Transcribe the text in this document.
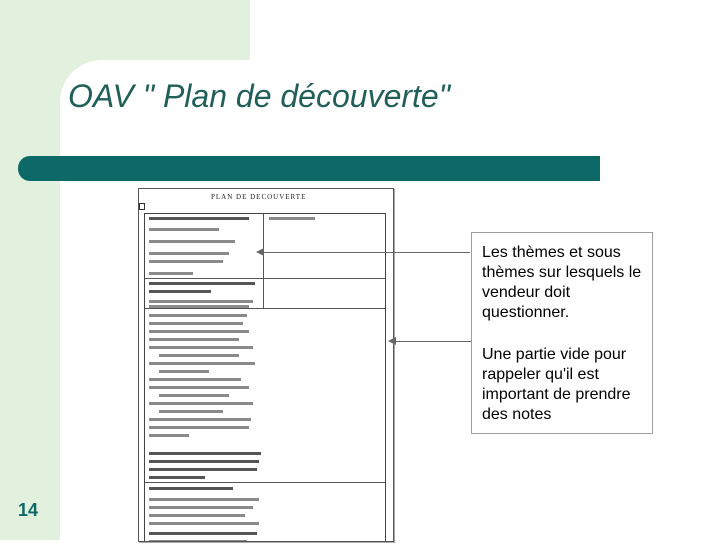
OAV " Plan de découverte"
PLAN DE DECOUVERTE

Les thèmes et sous thèmes sur lesquels le vendeur doit questionner.

Une partie vide pour rappeler qu'il est important de prendre des notes

14
